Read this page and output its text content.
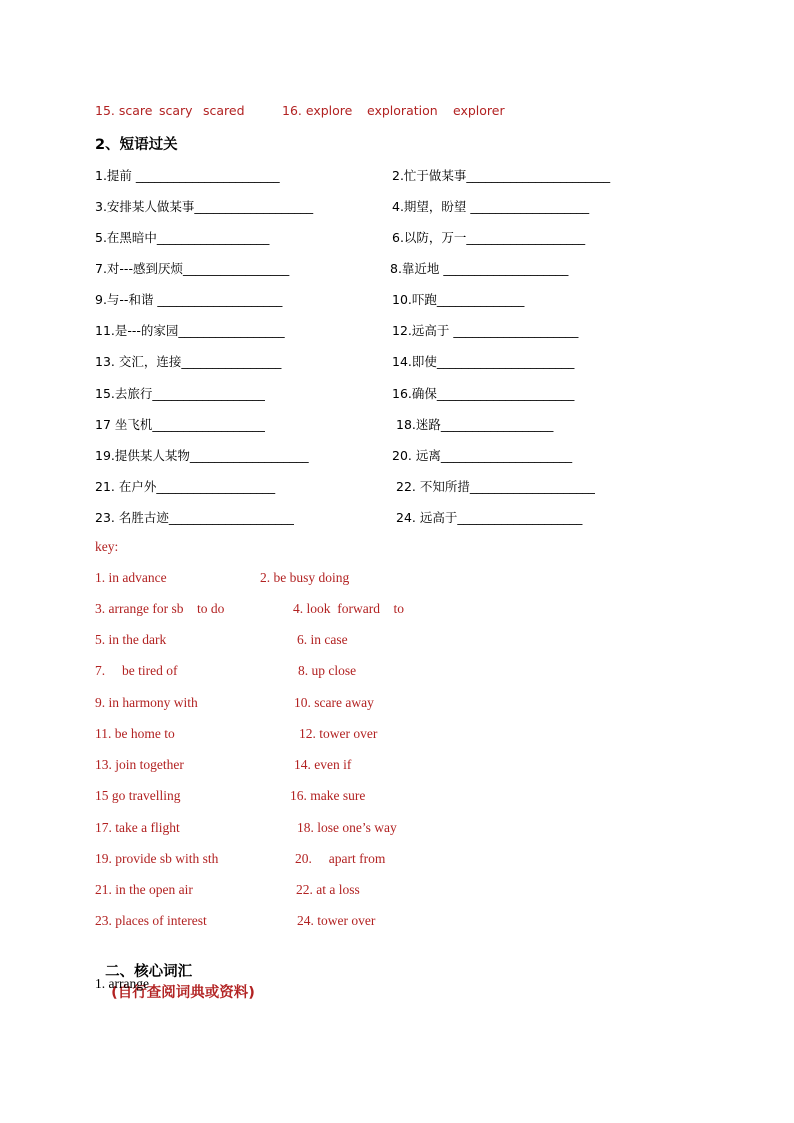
15. scare scary scared	16. explore exploration explorer
2、短语过关
1.提前 _______________________	2.忙于做某事_______________________
3.安排某人做某事___________________	4.期望，盼望 ___________________
5.在黑暗中__________________	6.以防，万一___________________
7.对---感到厌烦_________________	8.靠近地 ____________________
9.与--和谐 ____________________	10.吓跑______________
11.是---的家园_________________	12.远高于 ____________________
13. 交汇，连接________________	14.即使______________________
15.去旅行__________________	16.确保______________________
17 坐飞机__________________	18.迷路__________________
19.提供某人某物___________________	20. 远离_____________________
21. 在户外___________________	22. 不知所措____________________
23. 名胜古迹____________________	24. 远高于____________________
key:
1. in advance	2. be busy doing
3. arrange for sb    to do	4. look  forward    to
5. in the dark	6. in case
7.     be tired of	8. up close
9. in harmony with	10. scare away
11. be home to	12. tower over
13. join together	14. even if
15 go travelling	16. make sure
17. take a flight	18. lose one’s way
19. provide sb with sth	20.     apart from
21. in the open air	22. at a loss
23. places of interest	24. tower over

二、核心词汇
(自行查阅词典或资料)

1. arrange
